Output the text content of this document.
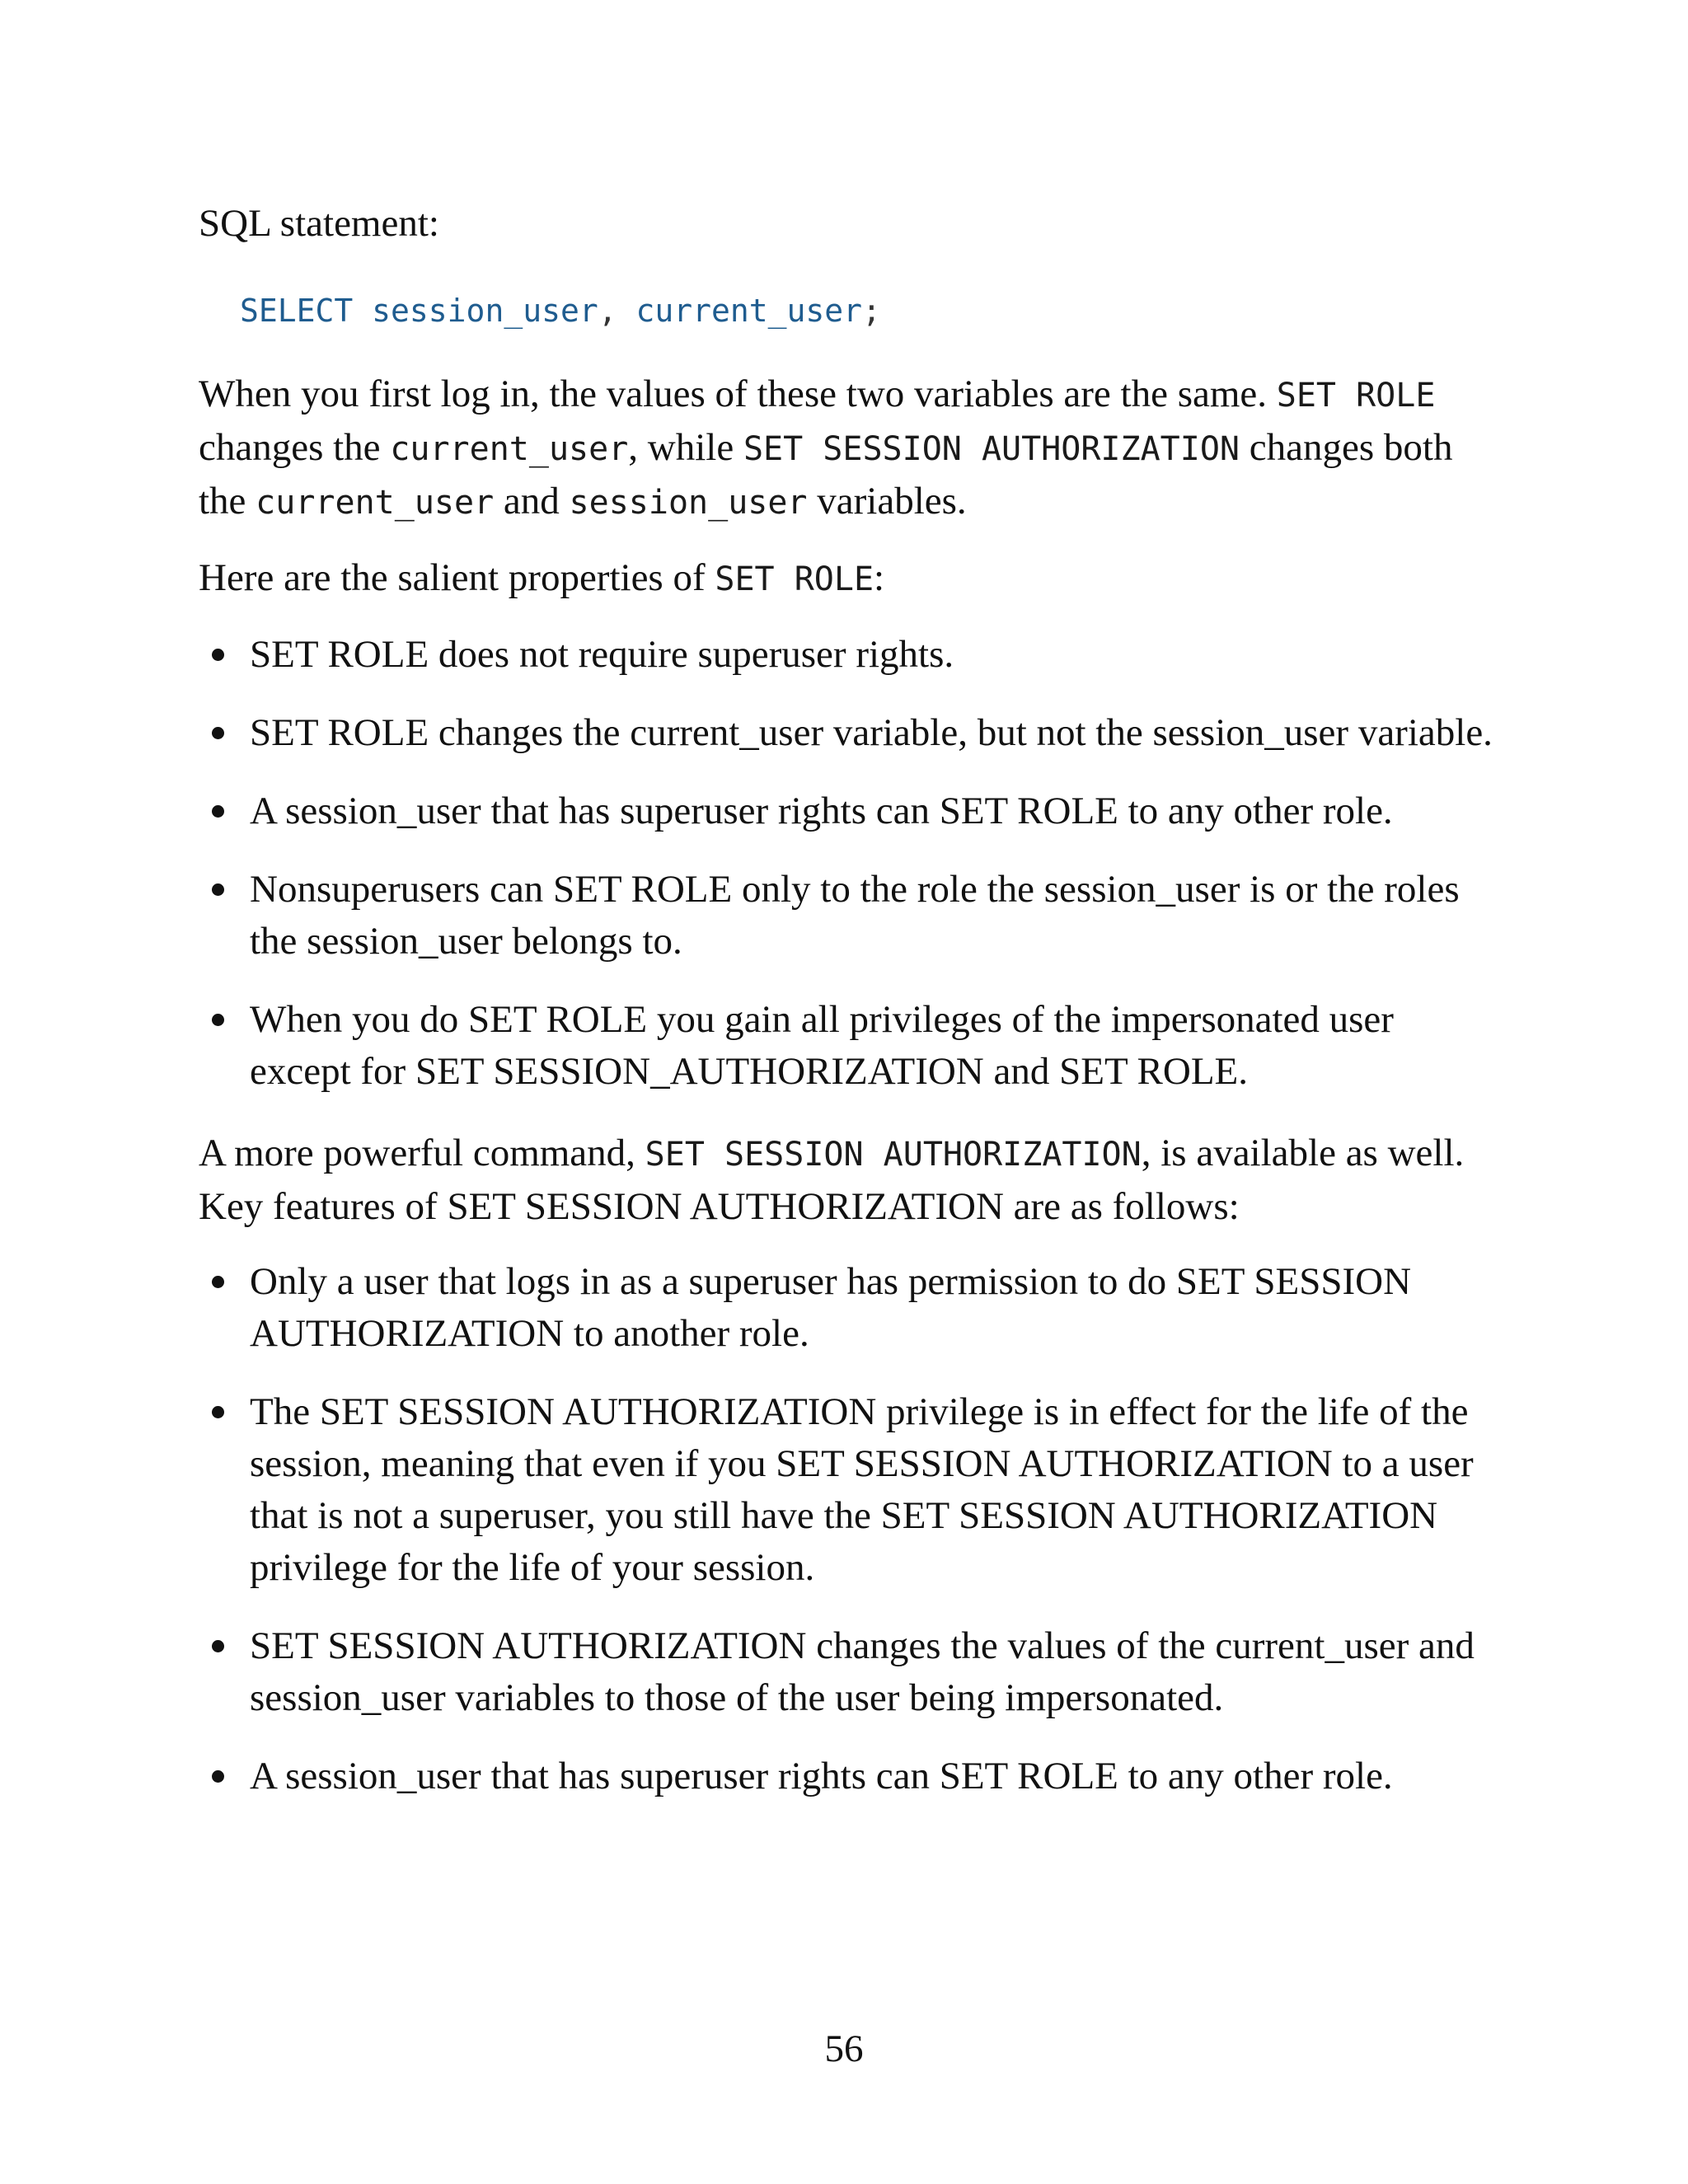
SQL statement:

SELECT session_user, current_user;

When you first log in, the values of these two variables are the same. SET ROLE changes the current_user, while SET SESSION AUTHORIZATION changes both the current_user and session_user variables.

Here are the salient properties of SET ROLE:

SET ROLE does not require superuser rights.
SET ROLE changes the current_user variable, but not the session_user variable.
A session_user that has superuser rights can SET ROLE to any other role.
Nonsuperusers can SET ROLE only to the role the session_user is or the roles the session_user belongs to.
When you do SET ROLE you gain all privileges of the impersonated user except for SET SESSION_AUTHORIZATION and SET ROLE.

A more powerful command, SET SESSION AUTHORIZATION, is available as well. Key features of SET SESSION AUTHORIZATION are as follows:

Only a user that logs in as a superuser has permission to do SET SESSION AUTHORIZATION to another role.
The SET SESSION AUTHORIZATION privilege is in effect for the life of the session, meaning that even if you SET SESSION AUTHORIZATION to a user that is not a superuser, you still have the SET SESSION AUTHORIZATION privilege for the life of your session.
SET SESSION AUTHORIZATION changes the values of the current_user and session_user variables to those of the user being impersonated.
A session_user that has superuser rights can SET ROLE to any other role.
56
